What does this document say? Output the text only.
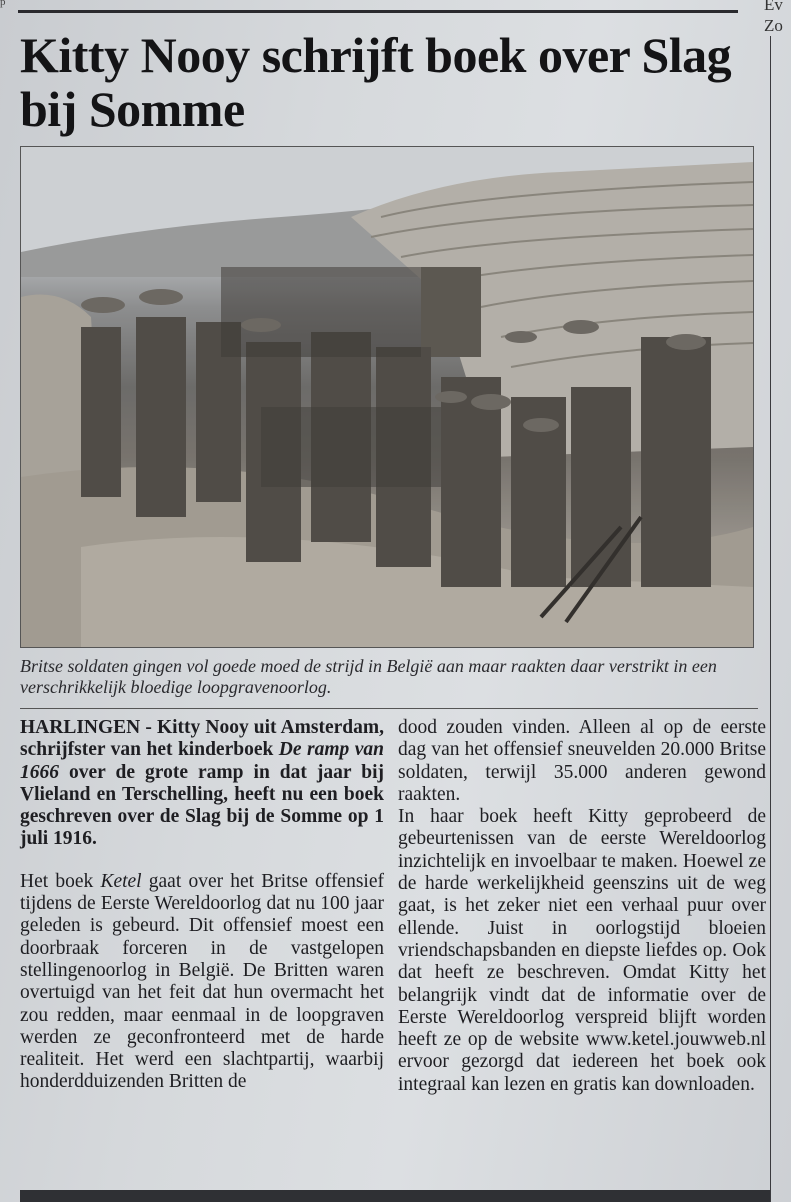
p	Ev Zo
Kitty Nooy schrijft boek over Slag bij Somme

Britse soldaten gingen vol goede moed de strijd in België aan maar raakten daar verstrikt in een verschrikkelijk bloedige loopgravenoorlog.

HARLINGEN - Kitty Nooy uit Amsterdam, schrijfster van het kinderboek De ramp van 1666 over de grote ramp in dat jaar bij Vlieland en Terschelling, heeft nu een boek geschreven over de Slag bij de Somme op 1 juli 1916.

Het boek Ketel gaat over het Britse offensief tijdens de Eerste Wereldoorlog dat nu 100 jaar geleden is gebeurd. Dit offensief moest een doorbraak forceren in de vastgelopen stellingenoorlog in België. De Britten waren overtuigd van het feit dat hun overmacht het zou redden, maar eenmaal in de loopgraven werden ze geconfronteerd met de harde realiteit. Het werd een slachtpartij, waarbij honderdduizenden Britten de

dood zouden vinden. Alleen al op de eerste dag van het offensief sneuvelden 20.000 Britse soldaten, terwijl 35.000 anderen gewond raakten.

In haar boek heeft Kitty geprobeerd de gebeurtenissen van de eerste Wereldoorlog inzichtelijk en invoelbaar te maken. Hoewel ze de harde werkelijkheid geenszins uit de weg gaat, is het zeker niet een verhaal puur over ellende. Juist in oorlogstijd bloeien vriendschapsbanden en diepste liefdes op. Ook dat heeft ze beschreven. Omdat Kitty het belangrijk vindt dat de informatie over de Eerste Wereldoorlog verspreid blijft worden heeft ze op de website www.ketel.jouwweb.nl ervoor gezorgd dat iedereen het boek ook integraal kan lezen en gratis kan downloaden.
